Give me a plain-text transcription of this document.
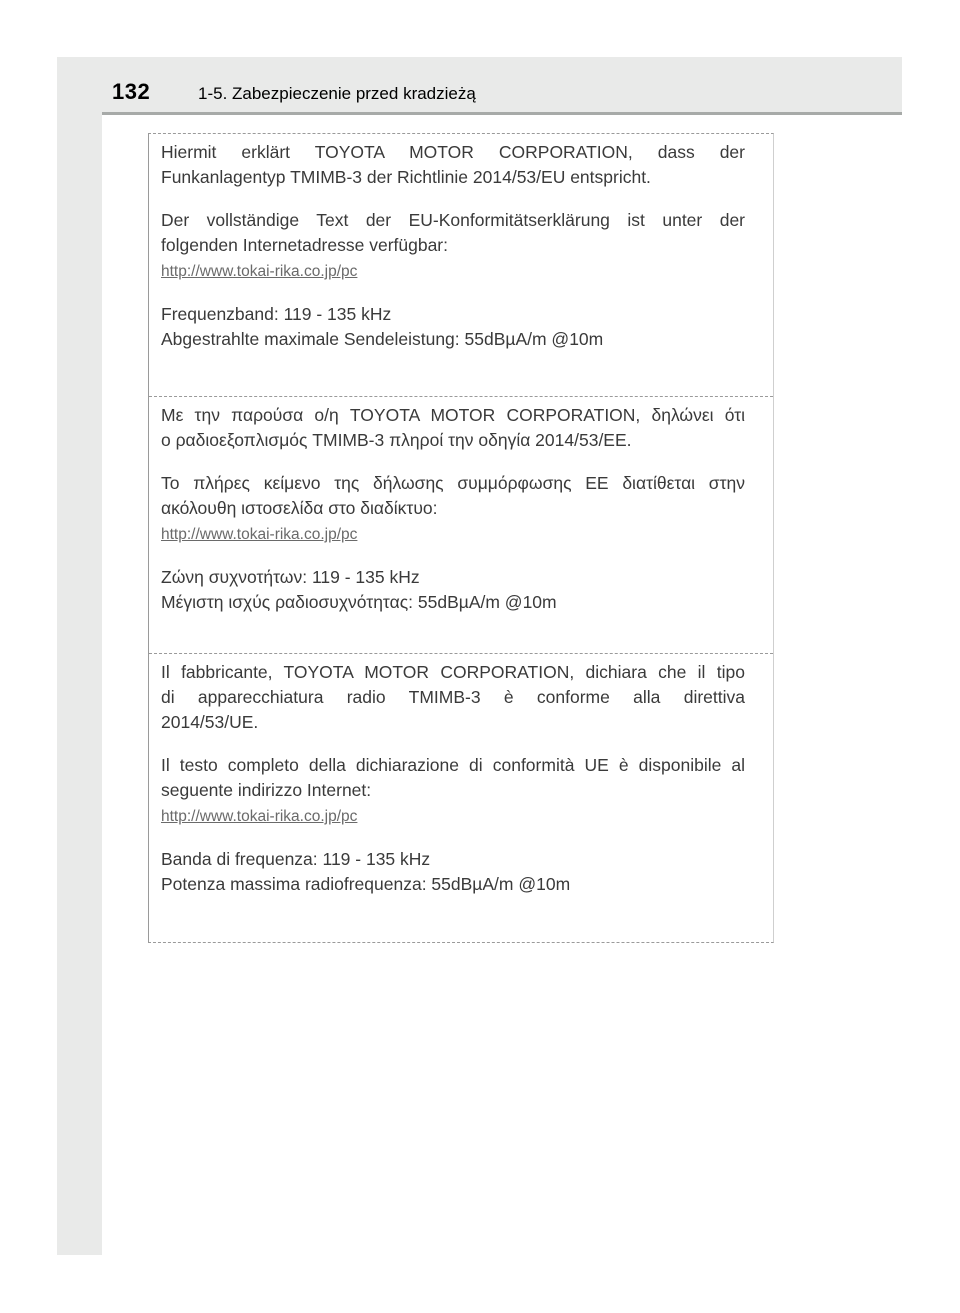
132	1-5. Zabezpieczenie przed kradzieżą

Hiermit erklärt TOYOTA MOTOR CORPORATION, dass der

Funkanlagentyp TMIMB-3 der Richtlinie 2014/53/EU entspricht.

Der vollständige Text der EU-Konformitätserklärung ist unter der

folgenden Internetadresse verfügbar:

http://www.tokai-rika.co.jp/pc

Frequenzband: 119 - 135 kHz

Abgestrahlte maximale Sendeleistung: 55dBµA/m @10m

Με την παρούσα ο/η TOYOTA MOTOR CORPORATION, δηλώνει ότι

ο ραδιοεξοπλισμός TMIMB-3 πληροί την οδηγία 2014/53/ΕΕ.

Το πλήρες κείμενο της δήλωσης συμμόρφωσης ΕΕ διατίθεται στην

ακόλουθη ιστοσελίδα στο διαδίκτυο:

http://www.tokai-rika.co.jp/pc

Ζώνη συχνοτήτων: 119 - 135 kHz

Μέγιστη ισχύς ραδιοσυχνότητας: 55dBµA/m @10m

Il fabbricante, TOYOTA MOTOR CORPORATION, dichiara che il tipo

di apparecchiatura radio TMIMB-3 è conforme alla direttiva

2014/53/UE.

Il testo completo della dichiarazione di conformità UE è disponibile al

seguente indirizzo Internet:

http://www.tokai-rika.co.jp/pc

Banda di frequenza: 119 - 135 kHz

Potenza massima radiofrequenza: 55dBµA/m @10m
